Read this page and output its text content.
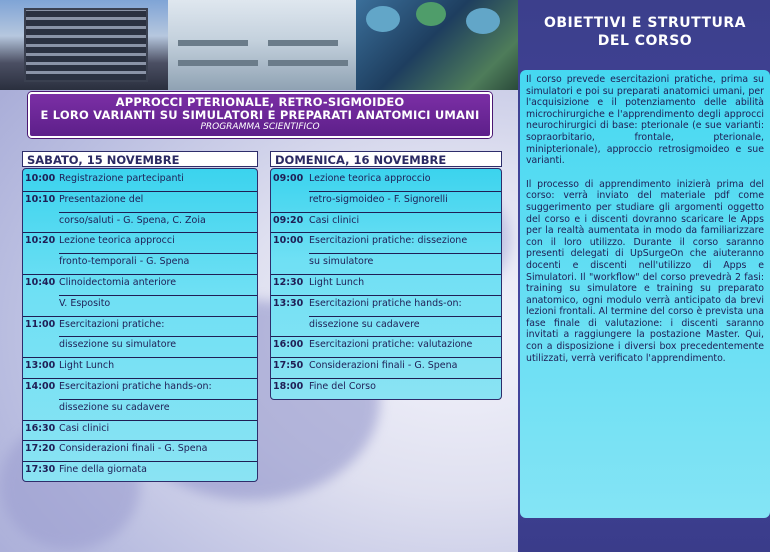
APPROCCI PTERIONALE, RETRO-SIGMOIDEO
E LORO VARIANTI SU SIMULATORI E PREPARATI ANATOMICI UMANI
PROGRAMMA SCIENTIFICO
SABATO, 15 NOVEMBRE
10:00 Registrazione partecipanti
10:10 Presentazione del
corso/saluti - G. Spena, C. Zoia
10:20 Lezione teorica approcci
fronto-temporali - G. Spena
10:40 Clinoidectomia anteriore
V. Esposito
11:00 Esercitazioni pratiche:
dissezione su simulatore
13:00 Light Lunch
14:00 Esercitazioni pratiche hands-on:
dissezione su cadavere
16:30 Casi clinici
17:20 Considerazioni finali - G. Spena
17:30 Fine della giornata
DOMENICA, 16 NOVEMBRE
09:00 Lezione teorica approccio
retro-sigmoideo - F. Signorelli
09:20 Casi clinici
10:00 Esercitazioni pratiche: dissezione
su simulatore
12:30 Light Lunch
13:30 Esercitazioni pratiche hands-on:
dissezione su cadavere
16:00 Esercitazioni pratiche: valutazione
17:50 Considerazioni finali - G. Spena
18:00 Fine del Corso
OBIETTIVI E STRUTTURA
DEL CORSO

Il corso prevede esercitazioni pratiche, prima su simulatori e poi su preparati anatomici umani, per l'acquisizione e il potenziamento delle abilità microchirurgiche e l'apprendimento degli approcci neurochirurgici di base: pterionale (e sue varianti: sopraorbitario, frontale, pterionale, minipterionale), approccio retrosigmoideo e sue varianti.

Il processo di apprendimento inizierà prima del corso: verrà inviato del materiale pdf come suggerimento per studiare gli argomenti oggetto del corso e i discenti dovranno scaricare le Apps per la realtà aumentata in modo da familiarizzare con il loro utilizzo. Durante il corso saranno presenti delegati di UpSurgeOn che aiuteranno docenti e discenti nell'utilizzo di Apps e Simulatori. Il "workflow" del corso prevedrà 2 fasi: training su simulatore e training su preparato anatomico, ogni modulo verrà anticipato da brevi lezioni frontali. Al termine del corso è prevista una fase finale di valutazione: i discenti saranno invitati a raggiungere la postazione Master. Qui, con a disposizione i diversi box precedentemente utilizzati, verrà verificato l'apprendimento.
